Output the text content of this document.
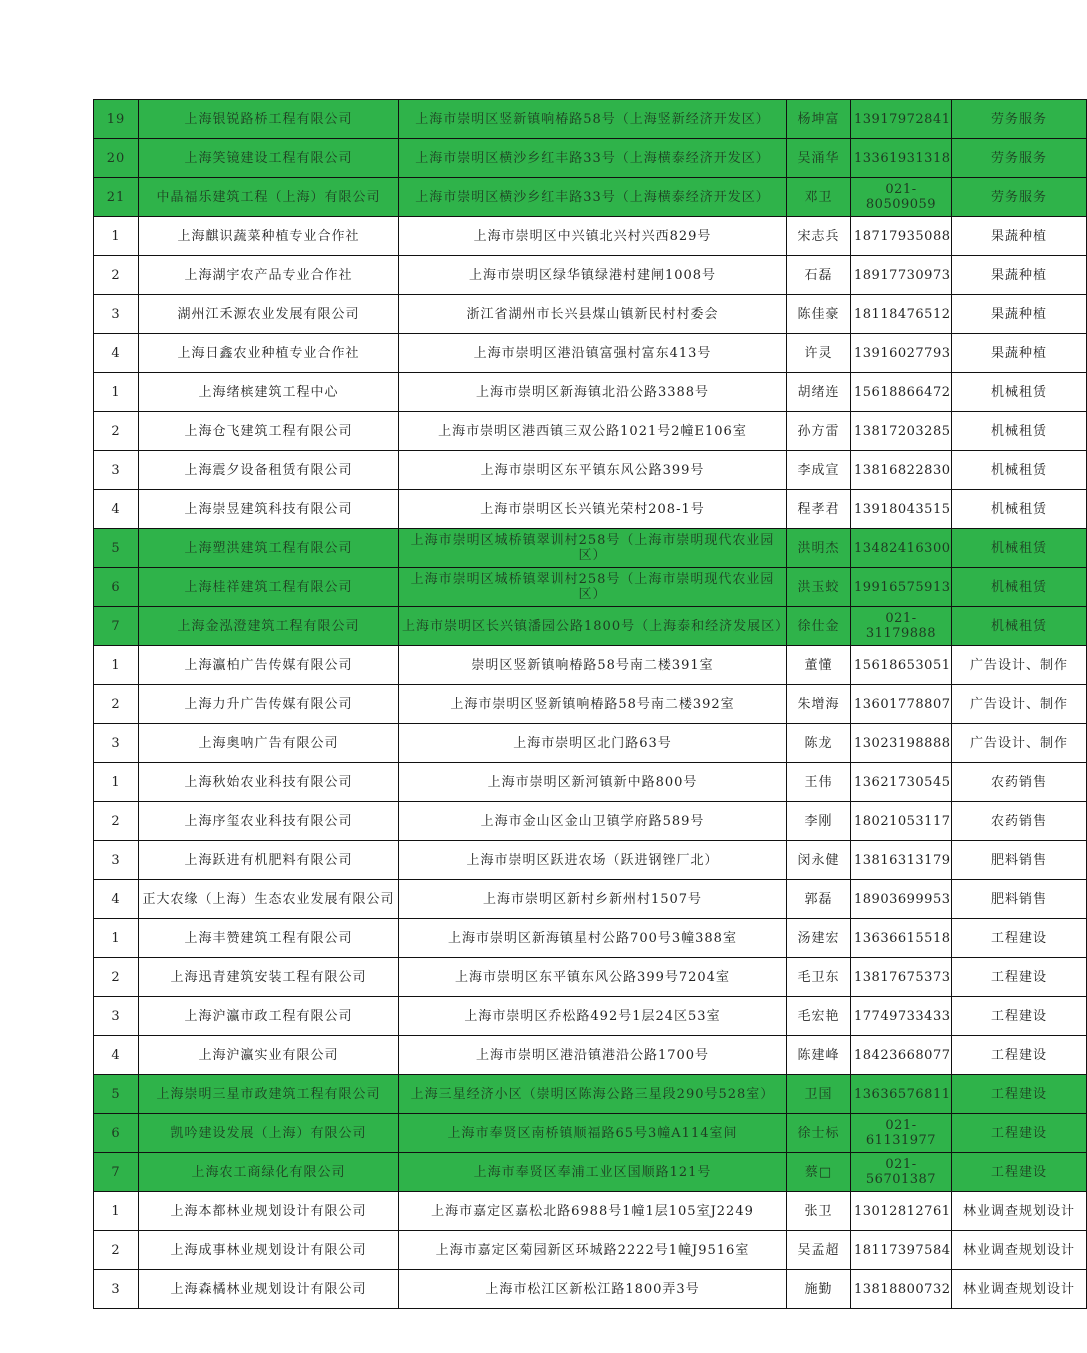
19	上海银锐路桥工程有限公司	上海市崇明区竖新镇响椿路58号（上海竖新经济开发区）	杨坤富	13917972841	劳务服务
20	上海笑镜建设工程有限公司	上海市崇明区横沙乡红丰路33号（上海横泰经济开发区）	吴涌华	13361931318	劳务服务
21	中晶福乐建筑工程（上海）有限公司	上海市崇明区横沙乡红丰路33号（上海横泰经济开发区）	邓卫	021-80509059	劳务服务
1	上海麒识蔬菜种植专业合作社	上海市崇明区中兴镇北兴村兴西829号	宋志兵	18717935088	果蔬种植
2	上海湖宇农产品专业合作社	上海市崇明区绿华镇绿港村建闸1008号	石磊	18917730973	果蔬种植
3	湖州江禾源农业发展有限公司	浙江省湖州市长兴县煤山镇新民村村委会	陈佳豪	18118476512	果蔬种植
4	上海日鑫农业种植专业合作社	上海市崇明区港沿镇富强村富东413号	许灵	13916027793	果蔬种植
1	上海绪槟建筑工程中心	上海市崇明区新海镇北沿公路3388号	胡绪连	15618866472	机械租赁
2	上海仓飞建筑工程有限公司	上海市崇明区港西镇三双公路1021号2幢E106室	孙方雷	13817203285	机械租赁
3	上海震夕设备租赁有限公司	上海市崇明区东平镇东风公路399号	李成宣	13816822830	机械租赁
4	上海崇昱建筑科技有限公司	上海市崇明区长兴镇光荣村208-1号	程孝君	13918043515	机械租赁
5	上海塑洪建筑工程有限公司	上海市崇明区城桥镇翠训村258号（上海市崇明现代农业园区）	洪明杰	13482416300	机械租赁
6	上海桂祥建筑工程有限公司	上海市崇明区城桥镇翠训村258号（上海市崇明现代农业园区）	洪玉蛟	19916575913	机械租赁
7	上海金泓澄建筑工程有限公司	上海市崇明区长兴镇潘园公路1800号（上海泰和经济发展区）	徐仕金	021-31179888	机械租赁
1	上海瀛柏广告传媒有限公司	崇明区竖新镇响椿路58号南二楼391室	董懂	15618653051	广告设计、制作
2	上海力升广告传媒有限公司	上海市崇明区竖新镇响椿路58号南二楼392室	朱增海	13601778807	广告设计、制作
3	上海奥呐广告有限公司	上海市崇明区北门路63号	陈龙	13023198888	广告设计、制作
1	上海秋始农业科技有限公司	上海市崇明区新河镇新中路800号	王伟	13621730545	农药销售
2	上海序玺农业科技有限公司	上海市金山区金山卫镇学府路589号	李刚	18021053117	农药销售
3	上海跃进有机肥料有限公司	上海市崇明区跃进农场（跃进钢锉厂北）	闵永健	13816313179	肥料销售
4	正大农缘（上海）生态农业发展有限公司	上海市崇明区新村乡新州村1507号	郭磊	18903699953	肥料销售
1	上海丰赞建筑工程有限公司	上海市崇明区新海镇星村公路700号3幢388室	汤建宏	13636615518	工程建设
2	上海迅青建筑安装工程有限公司	上海市崇明区东平镇东风公路399号7204室	毛卫东	13817675373	工程建设
3	上海沪瀛市政工程有限公司	上海市崇明区乔松路492号1层24区53室	毛宏艳	17749733433	工程建设
4	上海沪瀛实业有限公司	上海市崇明区港沿镇港沿公路1700号	陈建峰	18423668077	工程建设
5	上海崇明三星市政建筑工程有限公司	上海三星经济小区（崇明区陈海公路三星段290号528室）	卫国	13636576811	工程建设
6	凯吟建设发展（上海）有限公司	上海市奉贤区南桥镇顺福路65号3幢A114室间	徐士标	021-61131977	工程建设
7	上海农工商绿化有限公司	上海市奉贤区奉浦工业区国顺路121号	蔡□	021-56701387	工程建设
1	上海本都林业规划设计有限公司	上海市嘉定区嘉松北路6988号1幢1层105室J2249	张卫	13012812761	林业调查规划设计
2	上海成事林业规划设计有限公司	上海市嘉定区菊园新区环城路2222号1幢J9516室	吴孟超	18117397584	林业调查规划设计
3	上海森橘林业规划设计有限公司	上海市松江区新松江路1800弄3号	施勤	13818800732	林业调查规划设计
